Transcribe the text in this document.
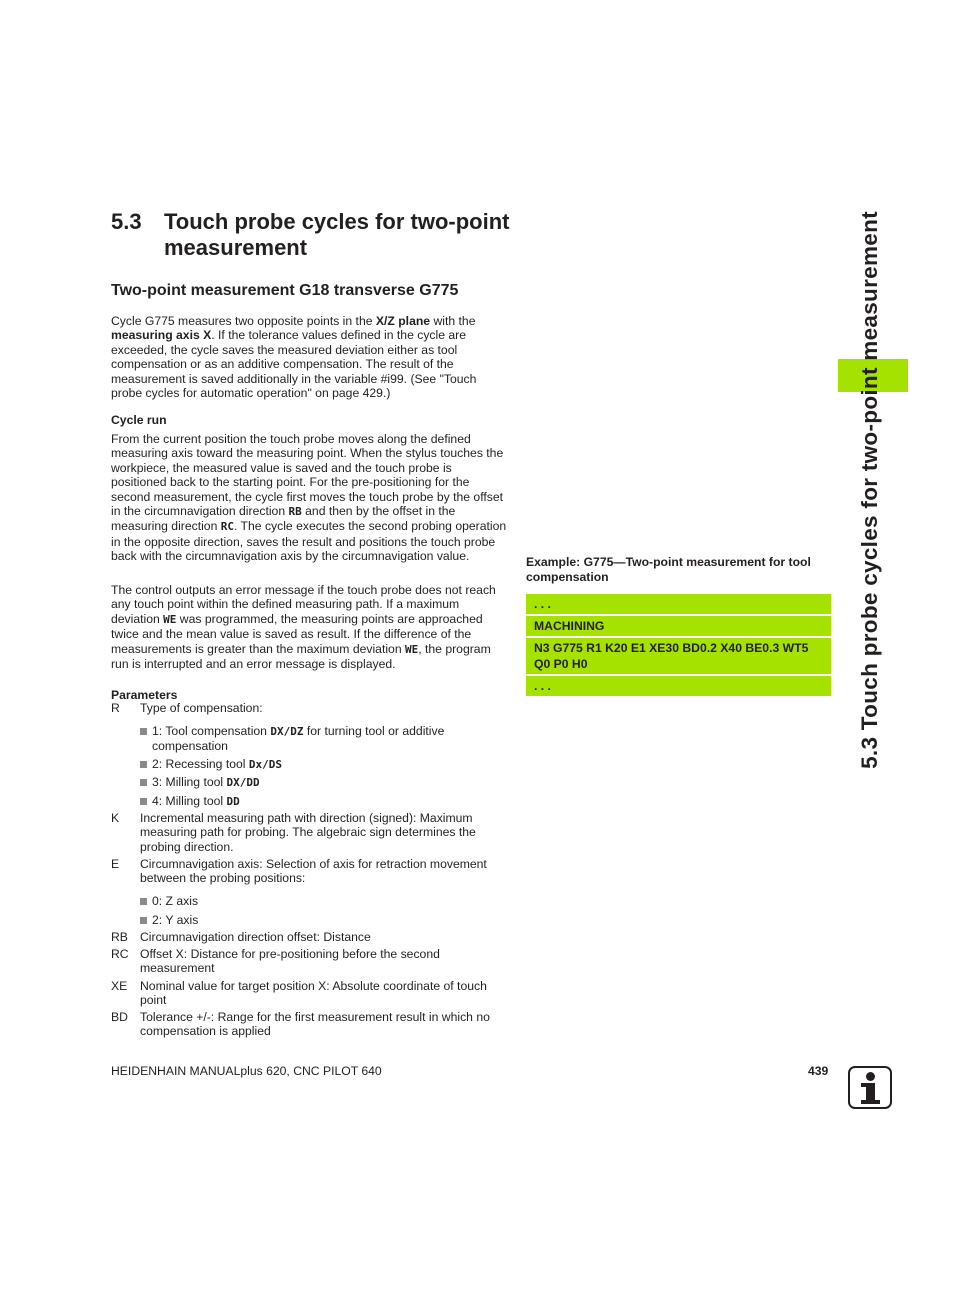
5.3 Touch probe cycles for two-point measurement
Two-point measurement G18 transverse G775
Cycle G775 measures two opposite points in the X/Z plane with the measuring axis X. If the tolerance values defined in the cycle are exceeded, the cycle saves the measured deviation either as tool compensation or as an additive compensation. The result of the measurement is saved additionally in the variable #i99. (See "Touch probe cycles for automatic operation" on page 429.)
Cycle run
From the current position the touch probe moves along the defined measuring axis toward the measuring point. When the stylus touches the workpiece, the measured value is saved and the touch probe is positioned back to the starting point. For the pre-positioning for the second measurement, the cycle first moves the touch probe by the offset in the circumnavigation direction RB and then by the offset in the measuring direction RC. The cycle executes the second probing operation in the opposite direction, saves the result and positions the touch probe back with the circumnavigation axis by the circumnavigation value.
The control outputs an error message if the touch probe does not reach any touch point within the defined measuring path. If a maximum deviation WE was programmed, the measuring points are approached twice and the mean value is saved as result. If the difference of the measurements is greater than the maximum deviation WE, the program run is interrupted and an error message is displayed.
Parameters
R Type of compensation:
1: Tool compensation DX/DZ for turning tool or additive compensation
2: Recessing tool Dx/DS
3: Milling tool DX/DD
4: Milling tool DD
K Incremental measuring path with direction (signed): Maximum measuring path for probing. The algebraic sign determines the probing direction.
E Circumnavigation axis: Selection of axis for retraction movement between the probing positions:
0: Z axis
2: Y axis
RB Circumnavigation direction offset: Distance
RC Offset X: Distance for pre-positioning before the second measurement
XE Nominal value for target position X: Absolute coordinate of touch point
BD Tolerance +/-: Range for the first measurement result in which no compensation is applied
Example: G775—Two-point measurement for tool compensation
. . .
MACHINING
N3 G775 R1 K20 E1 XE30 BD0.2 X40 BE0.3 WT5 Q0 P0 H0
. . .	5.3 Touch probe cycles for two-point measurement
HEIDENHAIN MANUALplus 620, CNC PILOT 640	439
